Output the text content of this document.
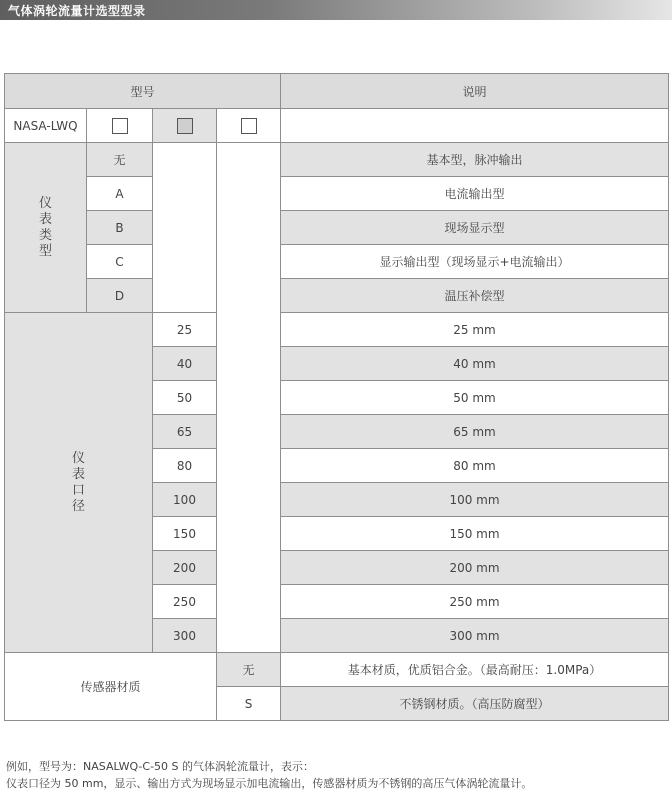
气体涡轮流量计选型型录
型号				说明
NASA-LWQ				
仪表类型	无			基本型，脉冲输出
	A			电流输出型
	B			现场显示型
	C			显示输出型（现场显示+电流输出）
	D			温压补偿型
仪表口径		25		25 mm
		40		40 mm
		50		50 mm
		65		65 mm
		80		80 mm
		100		100 mm
		150		150 mm
		200		200 mm
		250		250 mm
		300		300 mm
传感器材质			无	基本材质，优质铝合金。（最高耐压：1.0MPa）
			S	不锈钢材质。（高压防腐型）
例如，型号为：NASALWQ-C-50 S 的气体涡轮流量计，表示：
仪表口径为 50 mm，显示、输出方式为现场显示加电流输出，传感器材质为不锈钢的高压气体涡轮流量计。
